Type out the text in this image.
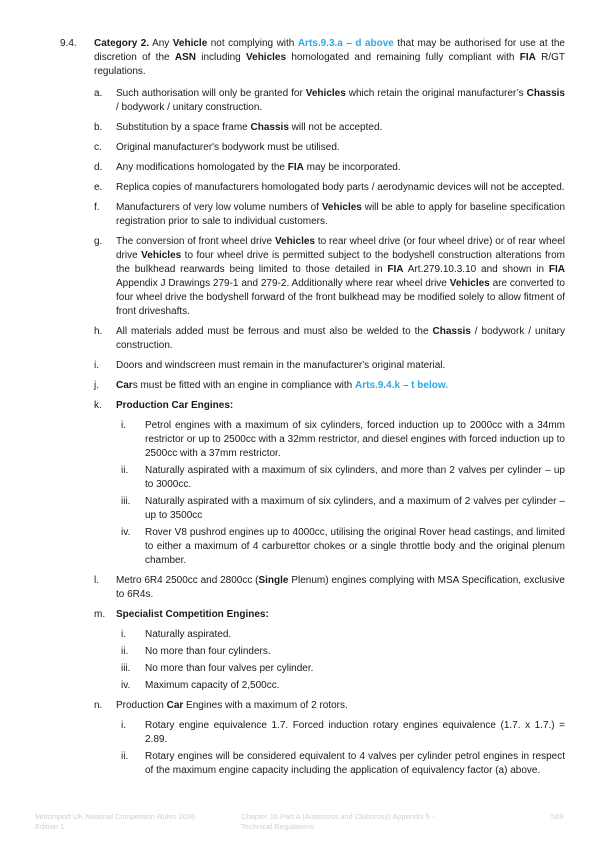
9.4. Category 2. Any Vehicle not complying with Arts.9.3.a – d above that may be authorised for use at the discretion of the ASN including Vehicles homologated and remaining fully compliant with FIA R/GT regulations.
a. Such authorisation will only be granted for Vehicles which retain the original manufacturer’s Chassis / bodywork / unitary construction.
b. Substitution by a space frame Chassis will not be accepted.
c. Original manufacturer's bodywork must be utilised.
d. Any modifications homologated by the FIA may be incorporated.
e. Replica copies of manufacturers homologated body parts / aerodynamic devices will not be accepted.
f. Manufacturers of very low volume numbers of Vehicles will be able to apply for baseline specification registration prior to sale to individual customers.
g. The conversion of front wheel drive Vehicles to rear wheel drive (or four wheel drive) or of rear wheel drive Vehicles to four wheel drive is permitted subject to the bodyshell construction alterations from the bulkhead rearwards being limited to those detailed in FIA Art.279.10.3.10 and shown in FIA Appendix J Drawings 279-1 and 279-2. Additionally where rear wheel drive Vehicles are converted to four wheel drive the bodyshell forward of the front bulkhead may be modified solely to allow fitment of front driveshafts.
h. All materials added must be ferrous and must also be welded to the Chassis / bodywork / unitary construction.
i. Doors and windscreen must remain in the manufacturer's original material.
j. Cars must be fitted with an engine in compliance with Arts.9.4.k – t below.
k. Production Car Engines:
i. Petrol engines with a maximum of six cylinders, forced induction up to 2000cc with a 34mm restrictor or up to 2500cc with a 32mm restrictor, and diesel engines with forced induction up to 2500cc with a 37mm restrictor.
ii. Naturally aspirated with a maximum of six cylinders, and more than 2 valves per cylinder – up to 3000cc.
iii. Naturally aspirated with a maximum of six cylinders, and a maximum of 2 valves per cylinder – up to 3500cc
iv. Rover V8 pushrod engines up to 4000cc, utilising the original Rover head castings, and limited to either a maximum of 4 carburettor chokes or a single throttle body and the original plenum chamber.
l. Metro 6R4 2500cc and 2800cc (Single Plenum) engines complying with MSA Specification, exclusive to 6R4s.
m. Specialist Competition Engines:
i. Naturally aspirated.
ii. No more than four cylinders.
iii. No more than four valves per cylinder.
iv. Maximum capacity of 2,500cc.
n. Production Car Engines with a maximum of 2 rotors.
i. Rotary engine equivalence 1.7. Forced induction rotary engines equivalence (1.7. x 1.7.) = 2.89.
ii. Rotary engines will be considered equivalent to 4 valves per cylinder petrol engines in respect of the maximum engine capacity including the application of equivalency factor (a) above.
Motorsport UK National Competition Rules 2026
Edition 1
Chapter 16 Part A (Autocross and Clubcross) Appendix 5 -
Technical Regulations
569
